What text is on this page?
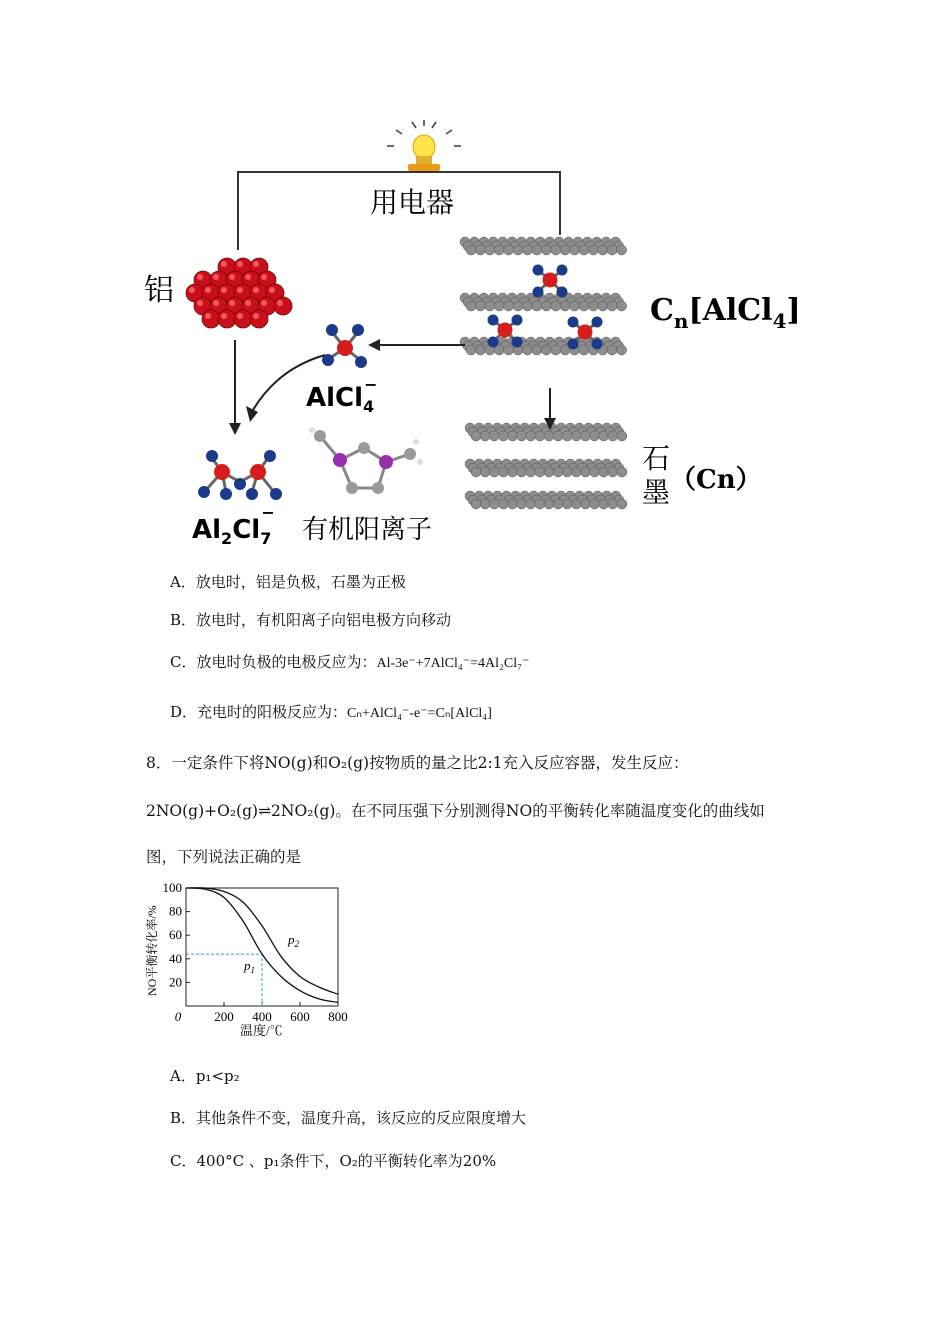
用电器
铝
AlCl$_4$−
$Al_2Cl_7-$
有机阳离子
$C_n[AlCl_4]$
石
墨 （Cn）
A．放电时，铝是负极，石墨为正极
B．放电时，有机阳离子向铝电极方向移动
C．放电时负极的电极反应为：Al-3e⁻+7AlCl₄⁻=4Al₂Cl₇⁻
D．充电时的阳极反应为：Cₙ+AlCl₄⁻-e⁻=Cₙ[AlCl₄]
8．一定条件下将NO(g)和O₂(g)按物质的量之比2:1充入反应容器，发生反应：
2NO(g)+O₂(g)⇌2NO₂(g)。在不同压强下分别测得NO的平衡转化率随温度变化的曲线如
图，下列说法正确的是
100
80
60
40
20
0	200 400 600 800
NO平衡转化率/%
温度/℃
$p_2$
$p_1$
A．p₁<p₂
B．其他条件不变，温度升高，该反应的反应限度增大
C．400°C 、p₁条件下，O₂的平衡转化率为20%
